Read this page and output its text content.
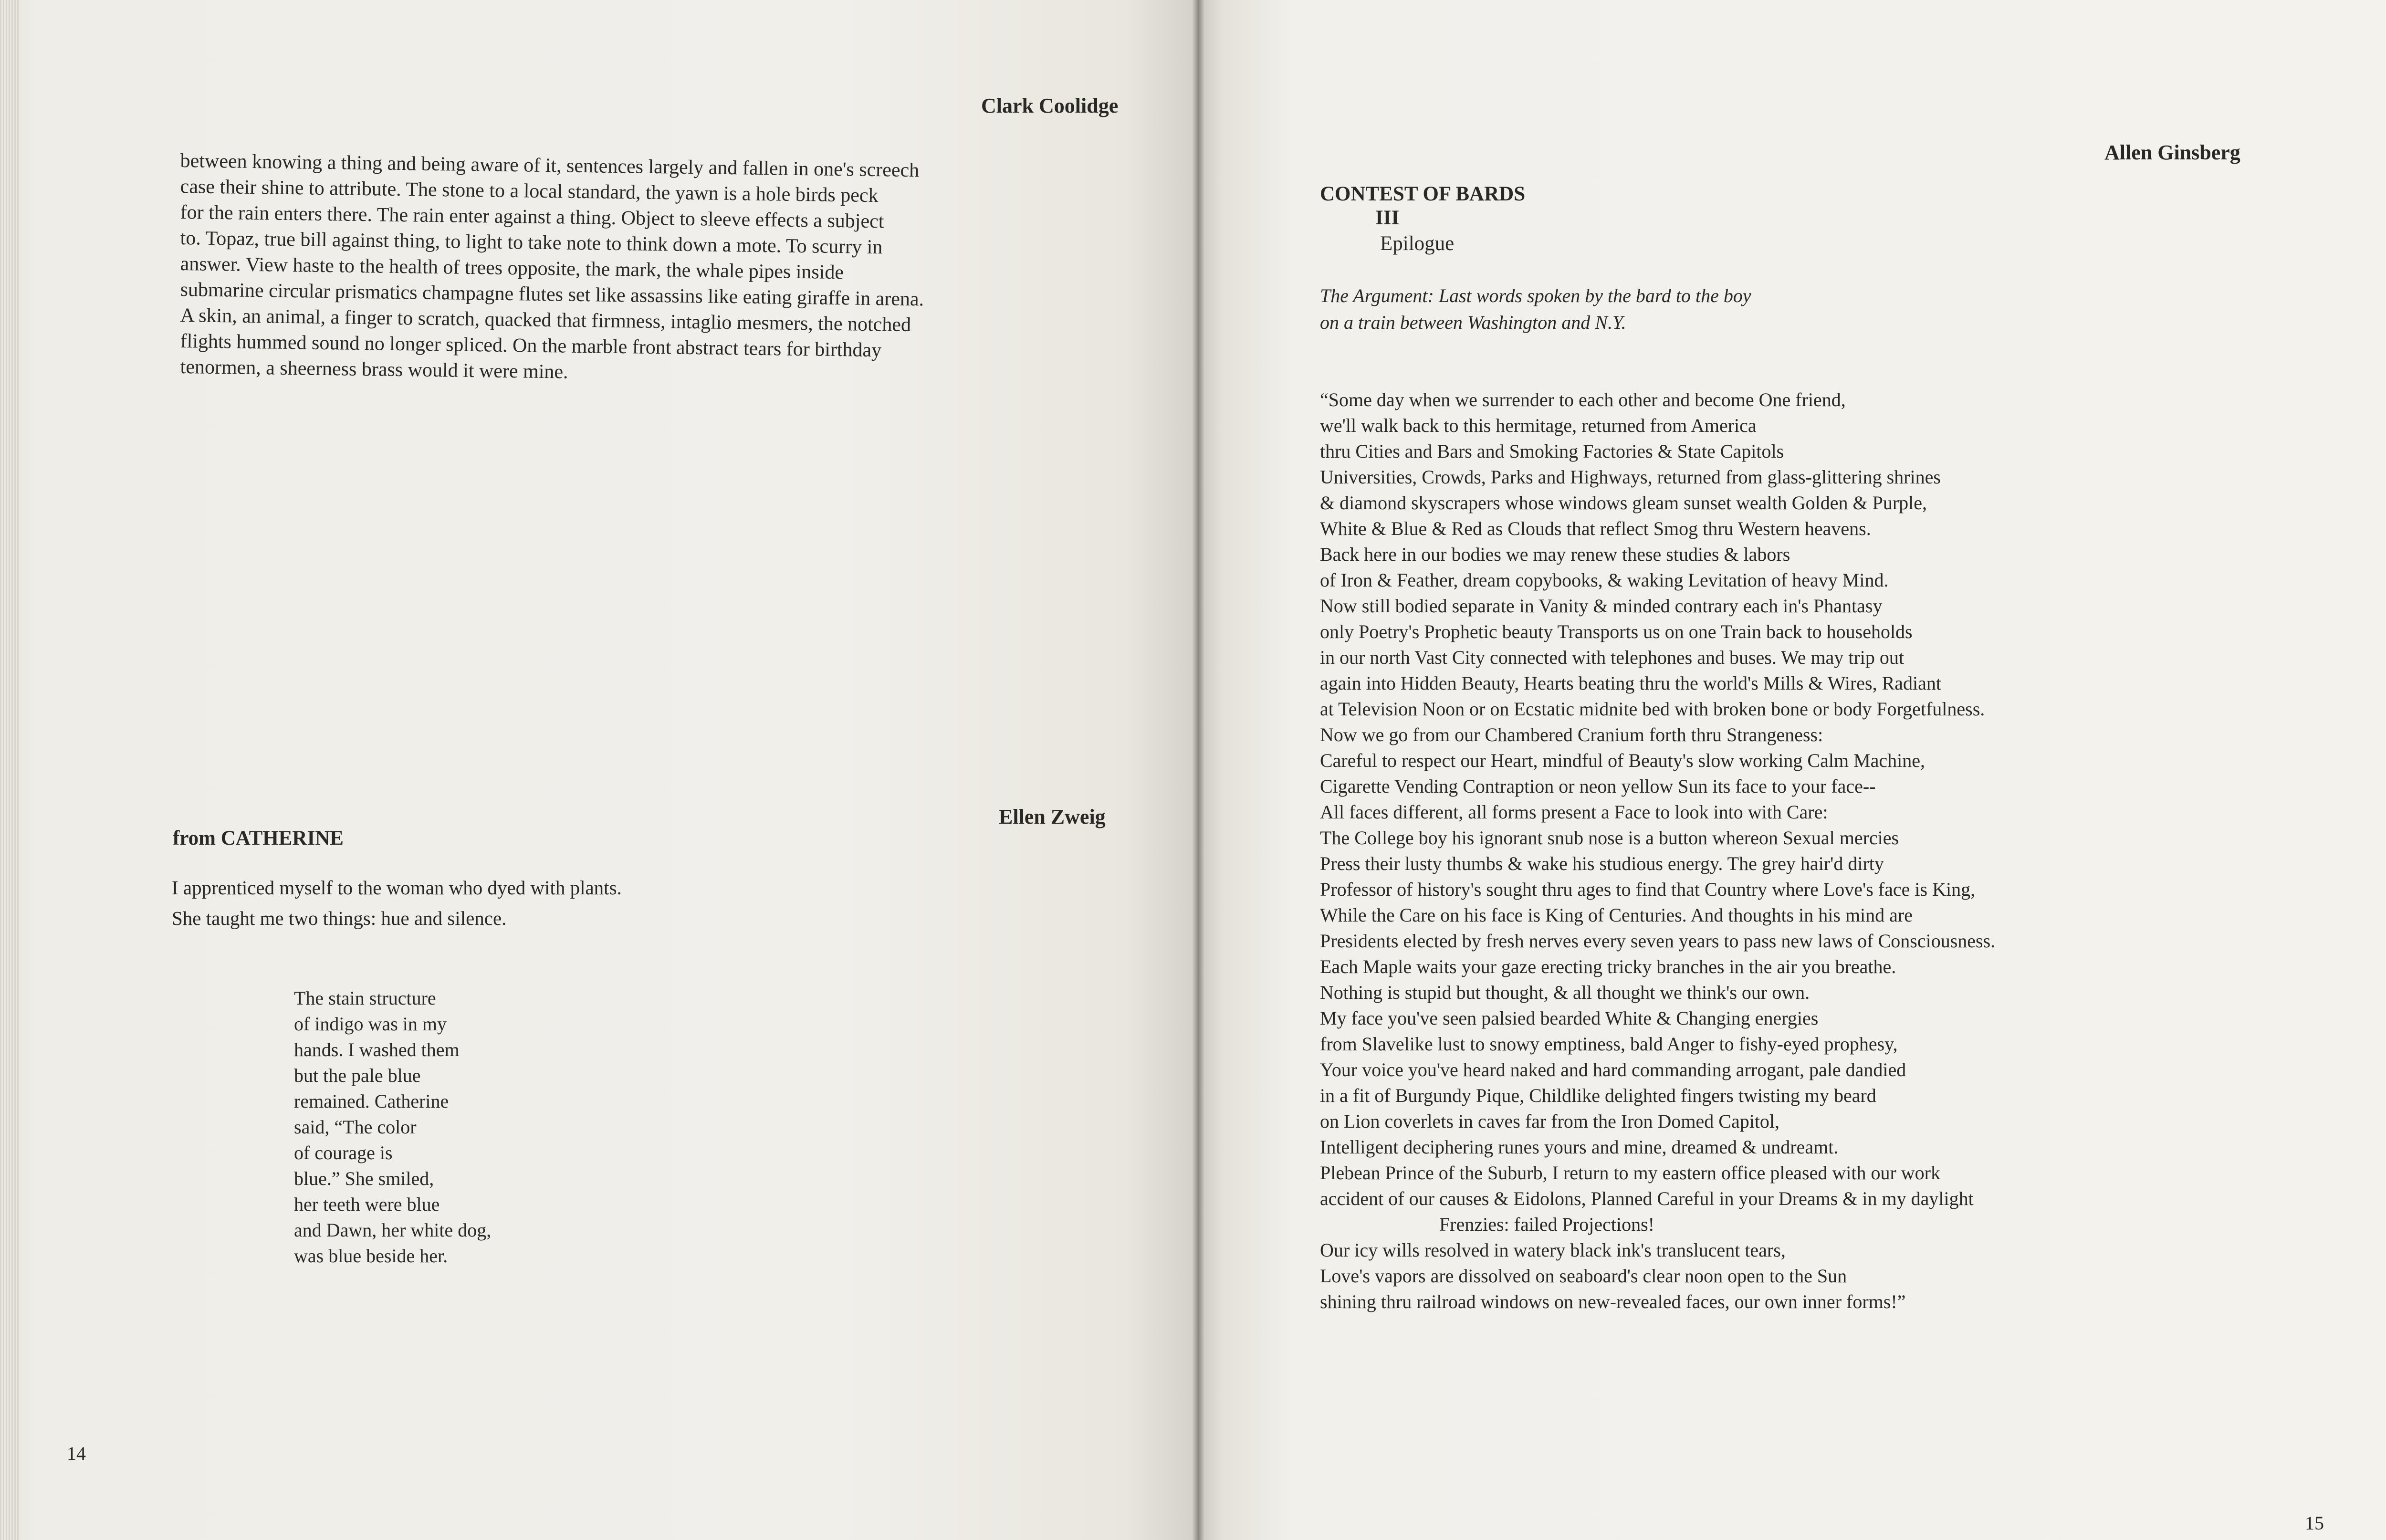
Clark Coolidge
between knowing a thing and being aware of it, sentences largely and fallen in one's screech
case their shine to attribute. The stone to a local standard, the yawn is a hole birds peck
for the rain enters there. The rain enter against a thing. Object to sleeve effects a subject
to. Topaz, true bill against thing, to light to take note to think down a mote. To scurry in
answer. View haste to the health of trees opposite, the mark, the whale pipes inside
submarine circular prismatics champagne flutes set like assassins like eating giraffe in arena.
A skin, an animal, a finger to scratch, quacked that firmness, intaglio mesmers, the notched
flights hummed sound no longer spliced. On the marble front abstract tears for birthday
tenormen, a sheerness brass would it were mine.
Ellen Zweig
from CATHERINE
I apprenticed myself to the woman who dyed with plants.
She taught me two things: hue and silence.
The stain structure
of indigo was in my
hands. I washed them
but the pale blue
remained. Catherine
said, “The color
of courage is
blue.” She smiled,
her teeth were blue
and Dawn, her white dog,
was blue beside her.
14
Allen Ginsberg
CONTEST OF BARDS
III
Epilogue
The Argument: Last words spoken by the bard to the boy
on a train between Washington and N.Y.
“Some day when we surrender to each other and become One friend,
we'll walk back to this hermitage, returned from America
thru Cities and Bars and Smoking Factories & State Capitols
Universities, Crowds, Parks and Highways, returned from glass-glittering shrines
& diamond skyscrapers whose windows gleam sunset wealth Golden & Purple,
White & Blue & Red as Clouds that reflect Smog thru Western heavens.
Back here in our bodies we may renew these studies & labors
of Iron & Feather, dream copybooks, & waking Levitation of heavy Mind.
Now still bodied separate in Vanity & minded contrary each in's Phantasy
only Poetry's Prophetic beauty Transports us on one Train back to households
in our north Vast City connected with telephones and buses. We may trip out
again into Hidden Beauty, Hearts beating thru the world's Mills & Wires, Radiant
at Television Noon or on Ecstatic midnite bed with broken bone or body Forgetfulness.
Now we go from our Chambered Cranium forth thru Strangeness:
Careful to respect our Heart, mindful of Beauty's slow working Calm Machine,
Cigarette Vending Contraption or neon yellow Sun its face to your face--
All faces different, all forms present a Face to look into with Care:
The College boy his ignorant snub nose is a button whereon Sexual mercies
Press their lusty thumbs & wake his studious energy. The grey hair'd dirty
Professor of history's sought thru ages to find that Country where Love's face is King,
While the Care on his face is King of Centuries. And thoughts in his mind are
Presidents elected by fresh nerves every seven years to pass new laws of Consciousness.
Each Maple waits your gaze erecting tricky branches in the air you breathe.
Nothing is stupid but thought, & all thought we think's our own.
My face you've seen palsied bearded White & Changing energies
from Slavelike lust to snowy emptiness, bald Anger to fishy-eyed prophesy,
Your voice you've heard naked and hard commanding arrogant, pale dandied
in a fit of Burgundy Pique, Childlike delighted fingers twisting my beard
on Lion coverlets in caves far from the Iron Domed Capitol,
Intelligent deciphering runes yours and mine, dreamed & undreamt.
Plebean Prince of the Suburb, I return to my eastern office pleased with our work
accident of our causes & Eidolons, Planned Careful in your Dreams & in my daylight
Frenzies: failed Projections!
Our icy wills resolved in watery black ink's translucent tears,
Love's vapors are dissolved on seaboard's clear noon open to the Sun
shining thru railroad windows on new-revealed faces, our own inner forms!”
15
